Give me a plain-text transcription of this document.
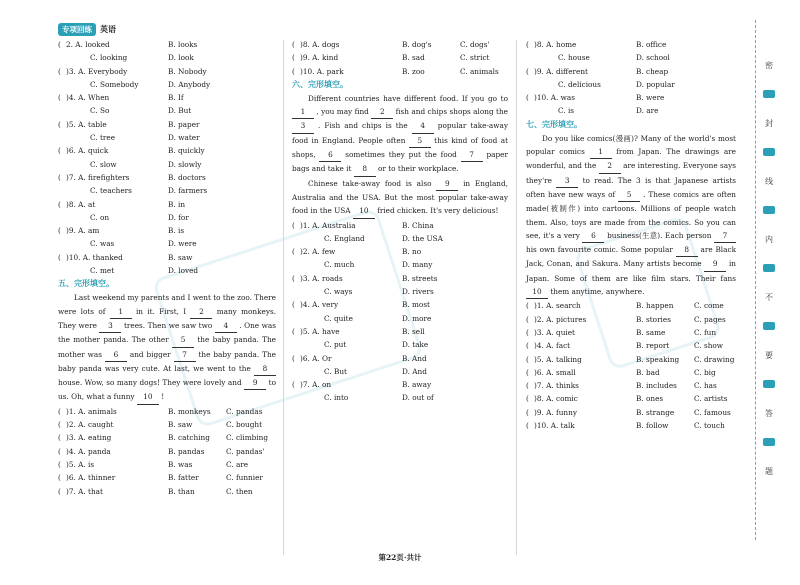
专项回练	英语
( 2. A. looked	B. looks
C. looking	D. look
( )3. A. Everybody	B. Nobody
C. Somebody	D. Anybody
( )4. A. When	B. If
C. So	D. But
( )5. A. table	B. paper
C. tree	D. water
( )6. A. quick	B. quickly
C. slow	D. slowly
( )7. A. firefighters	B. doctors
C. teachers	D. farmers
( )8. A. at	B. in
C. on	D. for
( )9. A. am	B. is
C. was	D. were
( )10. A. thanked	B. saw
C. met	D. loved
五、完形填空。

Last weekend my parents and I went to the zoo. There were lots of 1 in it. First, I 2 many monkeys. They were 3 trees. Then we saw two 4 . One was the mother panda. The other 5 the baby panda. The mother was 6 and bigger 7 the baby panda. The baby panda was very cute. At last, we went to the 8 house. Wow, so many dogs! They were lovely and 9 to us. Oh, what a funny 10 !

( )1. A. animals	B. monkeys C. pandas
( )2. A. caught	B. saw	C. bought
( )3. A. eating	B. catching C. climbing
( )4. A. panda	B. pandas	C. pandas'
( )5. A. is	B. was	C. are
( )6. A. thinner	B. fatter	C. funnier
( )7. A. that	B. than	C. then
( )8. A. dogs	B. dog's	C. dogs'
( )9. A. kind	B. sad	C. strict
( )10. A. park	B. zoo	C. animals
六、完形填空。

Different countries have different food. If you go to 1 , you may find 2 fish and chips shops along the 3 . Fish and chips is the 4 popular take-away food in England. People often 5 this kind of food at shops, 6 sometimes they put the food 7 paper bags and take it 8 or to their workplace.

Chinese take-away food is also 9 in England, Australia and the USA. But the most popular take-away food in the USA 10 fried chicken. It's very delicious!

( )1. A. Australia	B. China
C. England	D. the USA
( )2. A. few	B. no
C. much	D. many
( )3. A. roads	B. streets
C. ways	D. rivers
( )4. A. very	B. most
C. quite	D. more
( )5. A. have	B. sell
C. put	D. take
( )6. A. Or	B. And
C. But	D. And
( )7. A. on	B. away
C. into	D. out of
( )8. A. home	B. office
C. house	D. school
( )9. A. different	B. cheap
C. delicious	D. popular
( )10. A. was	B. were
C. is	D. are
七、完形填空。

Do you like comics(漫画)? Many of the world's most popular comics 1 from Japan. The drawings are wonderful, and the 2 are interesting. Everyone says they're 3 to read. The 3 is that Japanese artists often have new ways of 5 . These comics are often made(被制作) into cartoons. Millions of people watch them. Also, toys are made from the comics. So you can see, it's a very 6 business(生意). Each person 7 his own favourite comic. Some popular 8 are Black Jack, Conan, and Sakura. Many artists become 9 in Japan. Some of them are like film stars. Their fans 10 them anytime, anywhere.

( )1. A. search	B. happen	C. come
( )2. A. pictures	B. stories	C. pages
( )3. A. quiet	B. same	C. fun
( )4. A. fact	B. report	C. show
( )5. A. talking	B. speaking C. drawing
( )6. A. small	B. bad	C. big
( )7. A. thinks	B. includes C. has
( )8. A. comic	B. ones	C. artists
( )9. A. funny	B. strange	C. famous
( )10. A. talk	B. follow	C. touch
密
封
线
内
不
要
答
题
第22页·共计
